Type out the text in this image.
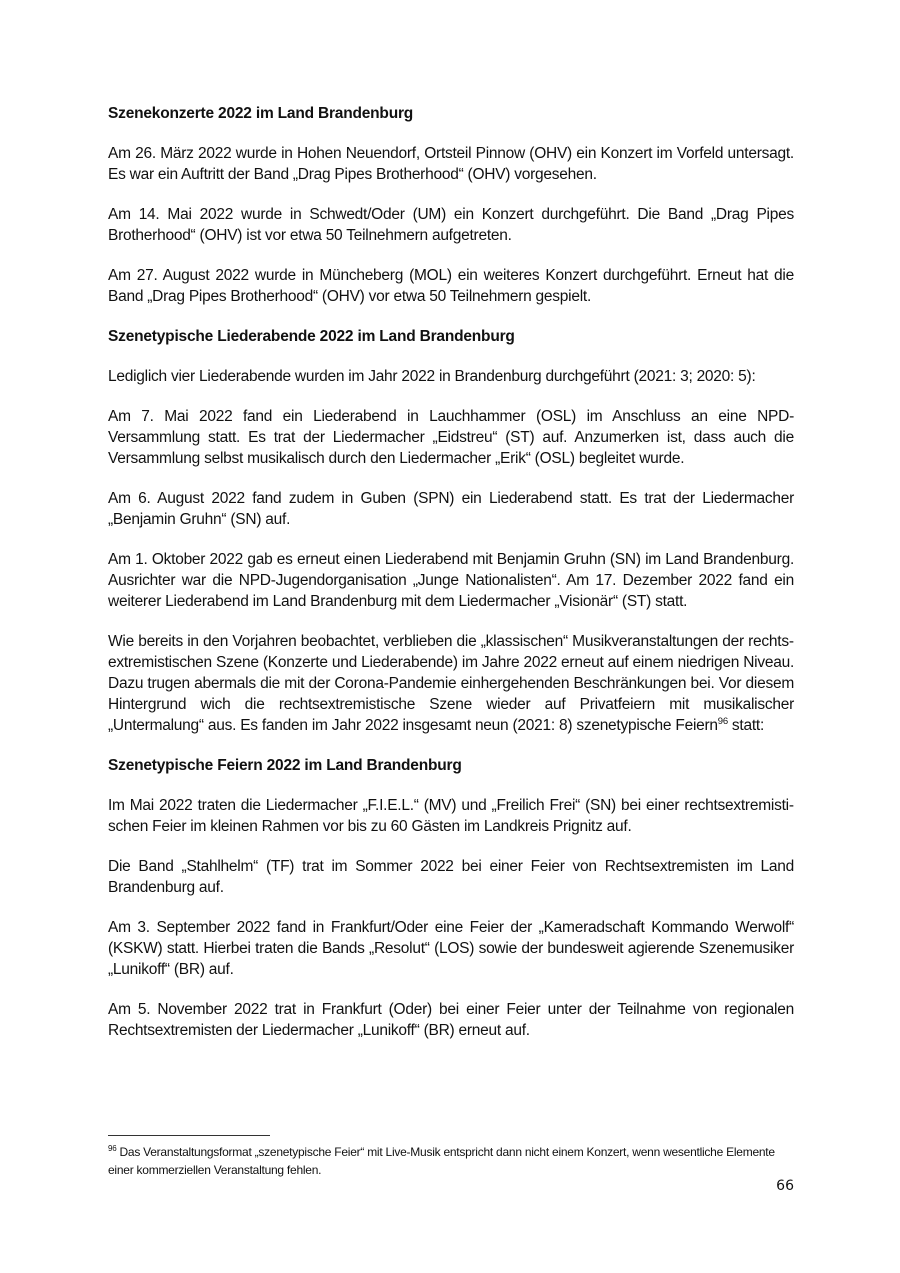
Szenekonzerte 2022 im Land Brandenburg

Am 26. März 2022 wurde in Hohen Neuendorf, Ortsteil Pinnow (OHV) ein Konzert im Vorfeld untersagt. Es war ein Auftritt der Band „Drag Pipes Brotherhood“ (OHV) vorgesehen.

Am 14. Mai 2022 wurde in Schwedt/Oder (UM) ein Konzert durchgeführt. Die Band „Drag Pipes Brotherhood“ (OHV) ist vor etwa 50 Teilnehmern aufgetreten.

Am 27. August 2022 wurde in Müncheberg (MOL) ein weiteres Konzert durchgeführt. Erneut hat die Band „Drag Pipes Brotherhood“ (OHV) vor etwa 50 Teilnehmern gespielt.

Szenetypische Liederabende 2022 im Land Brandenburg

Lediglich vier Liederabende wurden im Jahr 2022 in Brandenburg durchgeführt (2021: 3; 2020: 5):

Am 7. Mai 2022 fand ein Liederabend in Lauchhammer (OSL) im Anschluss an eine NPD-Versammlung statt. Es trat der Liedermacher „Eidstreu“ (ST) auf. Anzumerken ist, dass auch die Versammlung selbst musikalisch durch den Liedermacher „Erik“ (OSL) begleitet wurde.

Am 6. August 2022 fand zudem in Guben (SPN) ein Liederabend statt. Es trat der Liedermacher „Benjamin Gruhn“ (SN) auf.

Am 1. Oktober 2022 gab es erneut einen Liederabend mit Benjamin Gruhn (SN) im Land Brandenburg. Ausrichter war die NPD-Jugendorganisation „Junge Nationalisten“. Am 17. Dezember 2022 fand ein weiterer Liederabend im Land Brandenburg mit dem Liedermacher „Visionär“ (ST) statt.

Wie bereits in den Vorjahren beobachtet, verblieben die „klassischen“ Musikveranstaltungen der rechtsextremistischen Szene (Konzerte und Liederabende) im Jahre 2022 erneut auf einem niedrigen Niveau. Dazu trugen abermals die mit der Corona-Pandemie einhergehenden Beschränkungen bei. Vor diesem Hintergrund wich die rechtsextremistische Szene wieder auf Privatfeiern mit musikalischer „Untermalung“ aus. Es fanden im Jahr 2022 insgesamt neun (2021: 8) szenetypische Feiern$^{96}$ statt:

Szenetypische Feiern 2022 im Land Brandenburg

Im Mai 2022 traten die Liedermacher „F.I.E.L.“ (MV) und „Freilich Frei“ (SN) bei einer rechtsextremistischen Feier im kleinen Rahmen vor bis zu 60 Gästen im Landkreis Prignitz auf.

Die Band „Stahlhelm“ (TF) trat im Sommer 2022 bei einer Feier von Rechtsextremisten im Land Brandenburg auf.

Am 3. September 2022 fand in Frankfurt/Oder eine Feier der „Kameradschaft Kommando Werwolf“ (KSKW) statt. Hierbei traten die Bands „Resolut“ (LOS) sowie der bundesweit agierende Szenemusiker „Lunikoff“ (BR) auf.

Am 5. November 2022 trat in Frankfurt (Oder) bei einer Feier unter der Teilnahme von regionalen Rechtsextremisten der Liedermacher „Lunikoff“ (BR) erneut auf.

$^{96}$ Das Veranstaltungsformat „szenetypische Feier“ mit Live-Musik entspricht dann nicht einem Konzert, wenn wesentliche Elemente einer kommerziellen Veranstaltung fehlen.
66
